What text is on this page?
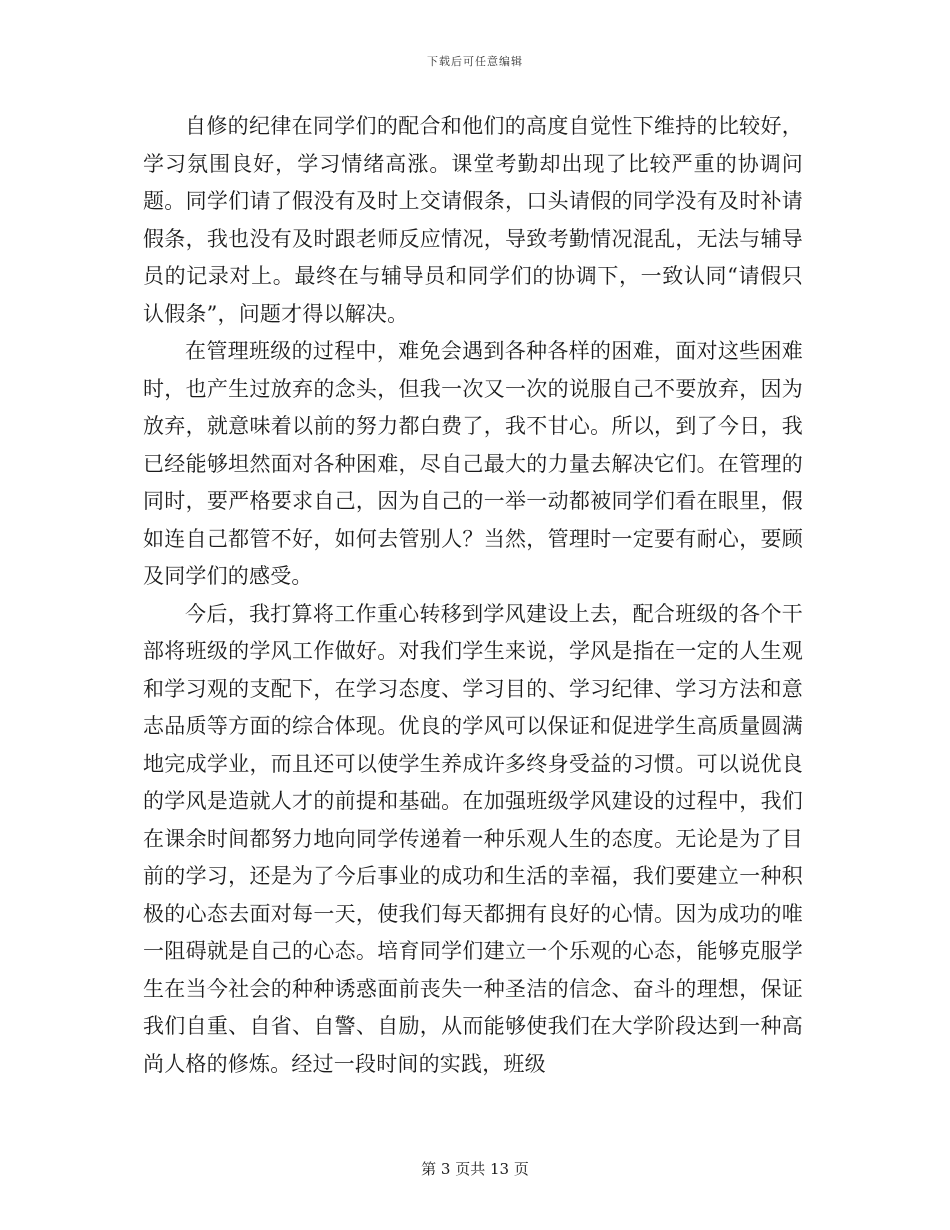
下载后可任意编辑

自修的纪律在同学们的配合和他们的高度自觉性下维持的比较好，学习氛围良好，学习情绪高涨。课堂考勤却出现了比较严重的协调问题。同学们请了假没有及时上交请假条，口头请假的同学没有及时补请假条，我也没有及时跟老师反应情况，导致考勤情况混乱，无法与辅导员的记录对上。最终在与辅导员和同学们的协调下，一致认同“请假只认假条”，问题才得以解决。

在管理班级的过程中，难免会遇到各种各样的困难，面对这些困难时，也产生过放弃的念头，但我一次又一次的说服自己不要放弃，因为放弃，就意味着以前的努力都白费了，我不甘心。所以，到了今日，我已经能够坦然面对各种困难，尽自己最大的力量去解决它们。在管理的同时，要严格要求自己，因为自己的一举一动都被同学们看在眼里，假如连自己都管不好，如何去管别人？当然，管理时一定要有耐心，要顾及同学们的感受。

今后，我打算将工作重心转移到学风建设上去，配合班级的各个干部将班级的学风工作做好。对我们学生来说，学风是指在一定的人生观和学习观的支配下，在学习态度、学习目的、学习纪律、学习方法和意志品质等方面的综合体现。优良的学风可以保证和促进学生高质量圆满地完成学业，而且还可以使学生养成许多终身受益的习惯。可以说优良的学风是造就人才的前提和基础。在加强班级学风建设的过程中，我们在课余时间都努力地向同学传递着一种乐观人生的态度。无论是为了目前的学习，还是为了今后事业的成功和生活的幸福，我们要建立一种积极的心态去面对每一天，使我们每天都拥有良好的心情。因为成功的唯一阻碍就是自己的心态。培育同学们建立一个乐观的心态，能够克服学生在当今社会的种种诱惑面前丧失一种圣洁的信念、奋斗的理想，保证我们自重、自省、自警、自励，从而能够使我们在大学阶段达到一种高尚人格的修炼。经过一段时间的实践，班级

第 3 页共 13 页
